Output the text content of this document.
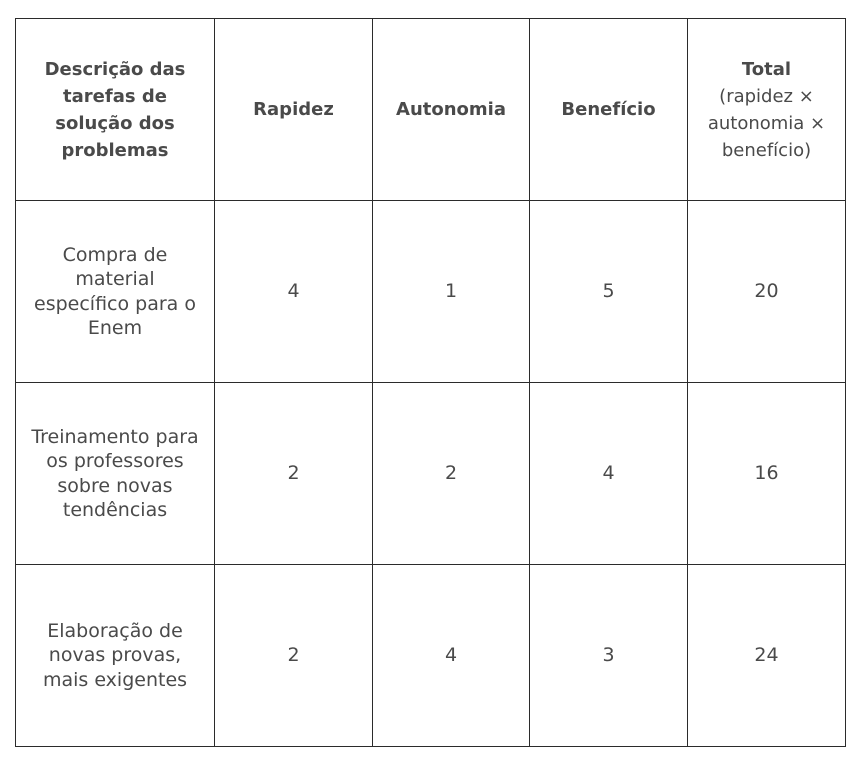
Descrição das tarefas de solução dos problemas	Rapidez	Autonomia	Benefício	Total
(rapidez × autonomia × benefício)

Compra de material específico para o Enem	4	1	5	20
Treinamento para os professores sobre novas tendências	2	2	4	16
Elaboração de novas provas, mais exigentes	2	4	3	24
